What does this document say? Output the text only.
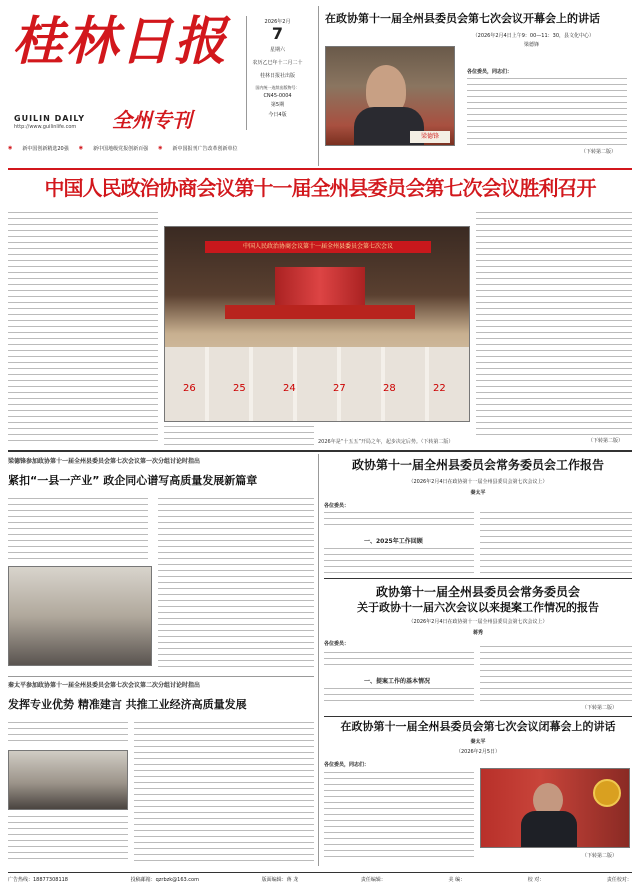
桂林日报
GUILIN DAILY
http://www.guilinlife.com 全州专刊
2026年2月
7
星期六
农历乙巳年十二月二十
桂林日报社出版
国内统一连续出版物号：
CN45-0004
第5期
今日4版
◉ 新中国创新精选20强 ◉ 新中国地级党报创新百强 ◉ 新中国报刊广告改革创新单位
在政协第十一届全州县委员会第七次会议开幕会上的讲话
（2026年2月4日上午9：00—11：30，县文化中心）
梁德锋
梁德锋
各位委员，同志们：
（下转第二版）
中国人民政治协商会议第十一届全州县委员会第七次会议胜利召开
中国人民政治协商会议第十一届全州县委员会第七次会议
26	25	24	27	28	22
2026年是“十五五”开局之年，起步决定后势。（下转第二版）	（下转第二版）
梁德锋参加政协第十一届全州县委员会第七次会议第一次分组讨论时指出
紧扣“一县一产业” 政企同心谱写高质量发展新篇章
秦太平参加政协第十一届全州县委员会第七次会议第二次分组讨论时指出
发挥专业优势 精准建言 共推工业经济高质量发展
政协第十一届全州县委员会常务委员会工作报告
（2026年2月4日在政协第十一届全州县委员会第七次会议上）
秦太平
各位委员：
一、2025年工作回顾
政协第十一届全州县委员会常务委员会
关于政协十一届六次会议以来提案工作情况的报告
（2026年2月4日在政协第十一届全州县委员会第七次会议上）
蒋秀
各位委员：
一、提案工作的基本情况
（下转第二版）
在政协第十一届全州县委员会第七次会议闭幕会上的讲话
秦太平
（2026年2月5日）
各位委员，同志们：
（下转第二版）
广告热线：18877308118	投稿邮箱：qzrbzk@163.com	版面编辑：蒋 龙	责任编辑：	美 编：	校 对：	责任校对：
